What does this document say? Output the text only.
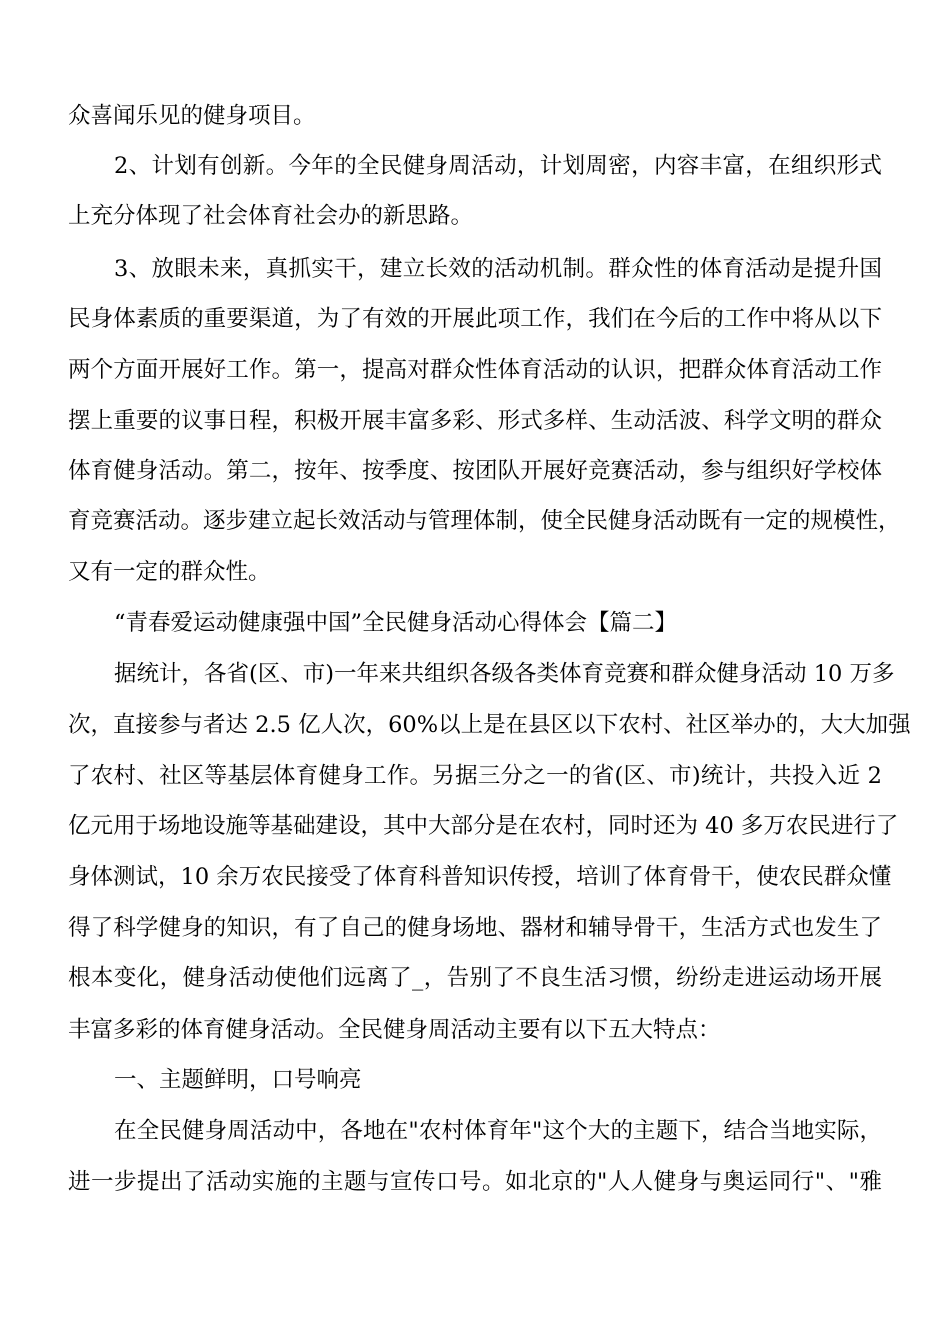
众喜闻乐见的健身项目。
2、计划有创新。今年的全民健身周活动，计划周密，内容丰富，在组织形式
上充分体现了社会体育社会办的新思路。
3、放眼未来，真抓实干，建立长效的活动机制。群众性的体育活动是提升国
民身体素质的重要渠道，为了有效的开展此项工作，我们在今后的工作中将从以下
两个方面开展好工作。第一，提高对群众性体育活动的认识，把群众体育活动工作
摆上重要的议事日程，积极开展丰富多彩、形式多样、生动活波、科学文明的群众
体育健身活动。第二，按年、按季度、按团队开展好竞赛活动，参与组织好学校体
育竞赛活动。逐步建立起长效活动与管理体制，使全民健身活动既有一定的规模性，
又有一定的群众性。
“青春爱运动健康强中国”全民健身活动心得体会【篇二】
据统计，各省(区、市)一年来共组织各级各类体育竞赛和群众健身活动 10 万多
次，直接参与者达 2.5 亿人次，60%以上是在县区以下农村、社区举办的，大大加强
了农村、社区等基层体育健身工作。另据三分之一的省(区、市)统计，共投入近 2
亿元用于场地设施等基础建设，其中大部分是在农村，同时还为 40 多万农民进行了
身体测试，10 余万农民接受了体育科普知识传授，培训了体育骨干，使农民群众懂
得了科学健身的知识，有了自己的健身场地、器材和辅导骨干，生活方式也发生了
根本变化，健身活动使他们远离了_，告别了不良生活习惯，纷纷走进运动场开展
丰富多彩的体育健身活动。全民健身周活动主要有以下五大特点：
一、主题鲜明，口号响亮
在全民健身周活动中，各地在"农村体育年"这个大的主题下，结合当地实际，
进一步提出了活动实施的主题与宣传口号。如北京的"人人健身与奥运同行"、"雅
